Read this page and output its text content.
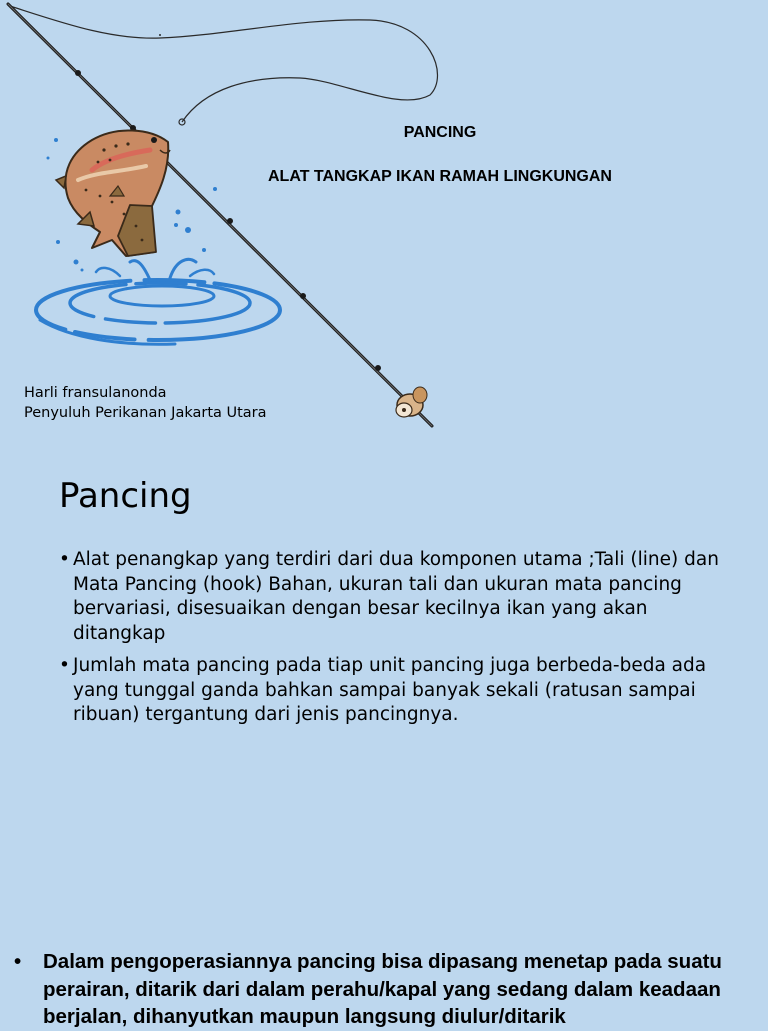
PANCING
ALAT TANGKAP IKAN RAMAH LINGKUNGAN
Harli fransulanonda
Penyuluh Perikanan Jakarta Utara
Pancing
• Alat penangkap yang terdiri dari dua komponen utama ;Tali (line) dan Mata Pancing (hook) Bahan, ukuran tali dan ukuran mata pancing bervariasi, disesuaikan dengan besar kecilnya ikan yang akan ditangkap
• Jumlah mata pancing pada tiap unit pancing juga berbeda-beda ada yang tunggal ganda bahkan sampai banyak sekali (ratusan sampai ribuan) tergantung dari jenis pancingnya.
•	Dalam pengoperasiannya pancing bisa dipasang menetap pada suatu perairan, ditarik dari dalam perahu/kapal yang sedang dalam keadaan berjalan, dihanyutkan maupun langsung diulur/ditarik
